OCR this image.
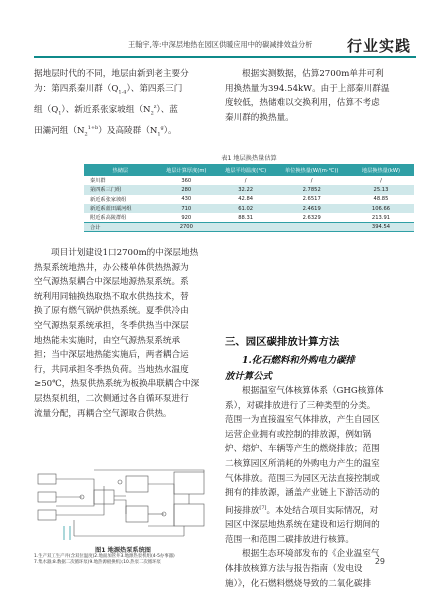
王翰宇,等:中深层地热在园区供暖应用中的碳减排效益分析 行业实践
据地层时代的不同，地层由新到老主要分
为：第四系秦川群$(Q_{1-4})$、第四系三门
组$(Q_1)$、新近系张家坡组$(N_2^z)$、蓝
田灞河组$(N_2^{1+b})$及高陵群$(N_1^g)$。
根据实测数据，估算2700m单井可利
用换热量为394.54kW。由于上部秦川群温
度较低，热储难以交换利用，估算不考虑
秦川群的换热量。
表1 地层换热量估算
热储层	地层计算厚度(m)	地层平均温度(℃)	单位换热量(W/(m·℃))	地层换热量(kW)
秦川群	360	/	/	/
第四系三门组	280	32.22	2.7852	25.13
新近系张家坡组	430	42.84	2.6517	48.85
新近系蓝田灞河组	710	61.02	2.4619	106.66
附近系高陵群组	920	88.31	2.6329	213.91
合计	2700			394.54
项目计划建设1口2700m的中深层地热
热泵系统地热井，办公楼单体供热热源为
空气源热泵耦合中深层地源热泵系统。系
统利用同轴换热取热不取水供热技术，替
换了原有燃气锅炉供热系统。夏季供冷由
空气源热泵系统承担，冬季供热当中深层
地热能未实施时，由空气源热泵系统承
担；当中深层地热能实施后，两者耦合运
行，共同承担冬季热负荷。当地热水温度
≥50℃，热泵供热系统为板换串联耦合中深
层热泵机组，二次侧通过各自循环泵进行
流量分配，再耦合空气源取合供热。
三、园区碳排放计算方法
1.化石燃料和外购电力碳排
放计算公式
根据温室气体核算体系（GHG核算体
系），对碳排放进行了三种类型的分类。
范围一为直接温室气体排放，产生自园区
运营企业拥有或控制的排放源，例如锅
炉、熔炉、车辆等产生的燃烧排放；范围
二核算园区所消耗的外购电力产生的温室
气体排放。范围三为园区无法直接控制或
拥有的排放源，涵盖产业链上下游活动的
间接排放[7]。本处结合项目实际情况，对
园区中深层地热系统在建设和运行期间的
范围一和范围二碳排放进行核算。
根据生态环境部发布的《企业温室气
体排放核算方法与报告指南（发电设
施）》，化石燃料燃烧导致的二氧化碳排
图1 地源热泵系统图
1.生产双工生产井(含双位温度)2.地面加管井3.地源热泵机组(4-5办事器)
7.集水器;8.数据二次循环泵(9.地热源板换机);10.热泵二次循环泵	29
